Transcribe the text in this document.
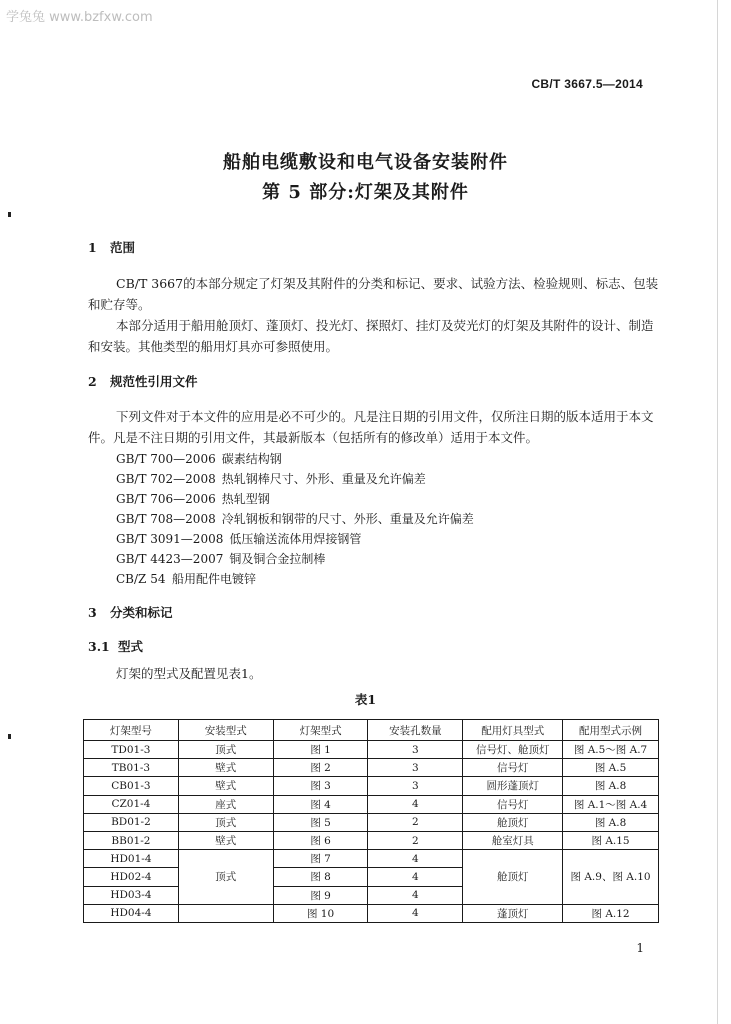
学兔兔 www.bzfxw.com
CB/T 3667.5—2014
船舶电缆敷设和电气设备安装附件
第 5 部分:灯架及其附件
1 范围
CB/T 3667的本部分规定了灯架及其附件的分类和标记、要求、试验方法、检验规则、标志、包装
和贮存等。
本部分适用于船用舱顶灯、蓬顶灯、投光灯、探照灯、挂灯及荧光灯的灯架及其附件的设计、制造
和安装。其他类型的船用灯具亦可参照使用。
2 规范性引用文件
下列文件对于本文件的应用是必不可少的。凡是注日期的引用文件，仅所注日期的版本适用于本文
件。凡是不注日期的引用文件，其最新版本（包括所有的修改单）适用于本文件。
GB/T 700—2006 碳素结构钢
GB/T 702—2008 热轧钢棒尺寸、外形、重量及允许偏差
GB/T 706—2006 热轧型钢
GB/T 708—2008 冷轧钢板和钢带的尺寸、外形、重量及允许偏差
GB/T 3091—2008 低压输送流体用焊接钢管
GB/T 4423—2007 铜及铜合金拉制棒
CB/Z 54 船用配件电镀锌
3 分类和标记
3.1 型式
灯架的型式及配置见表1。
表1
灯架型号	安装型式	灯架型式	安装孔数量	配用灯具型式	配用型式示例
TD01-3	顶式	图 1	3	信号灯、舱顶灯	图 A.5～图 A.7
TB01-3	壁式	图 2	3	信号灯	图 A.5
CB01-3	壁式	图 3	3	圆形蓬顶灯	图 A.8
CZ01-4	座式	图 4	4	信号灯	图 A.1～图 A.4
BD01-2	顶式	图 5	2	舱顶灯	图 A.8
BB01-2	壁式	图 6	2	舱室灯具	图 A.15
HD01-4	顶式	图 7	4	舱顶灯	图 A.9、图 A.10
HD02-4		图 8	4		
HD03-4		图 9	4		
HD04-4		图 10	4	蓬顶灯	图 A.12
1
